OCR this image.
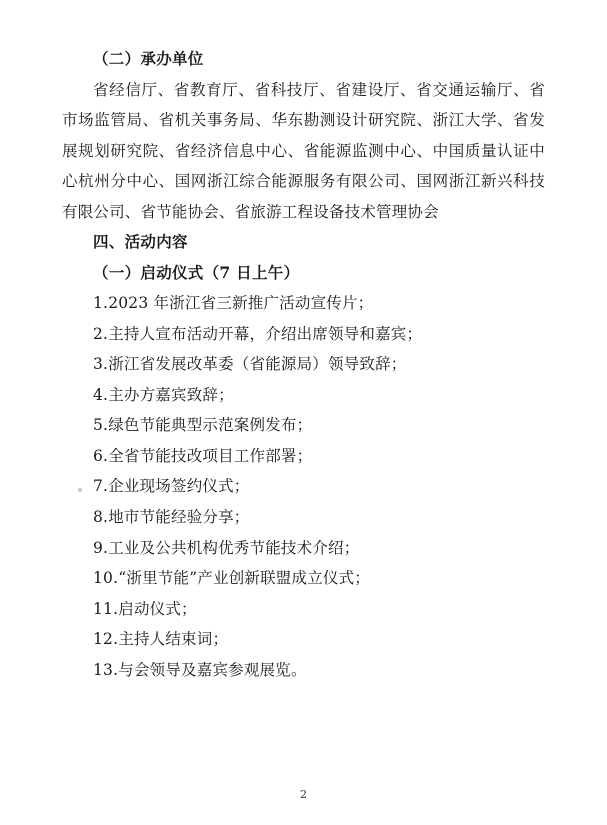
（二）承办单位

省经信厅、省教育厅、省科技厅、省建设厅、省交通运输厅、省市场监管局、省机关事务局、华东勘测设计研究院、浙江大学、省发展规划研究院、省经济信息中心、省能源监测中心、中国质量认证中心杭州分中心、国网浙江综合能源服务有限公司、国网浙江新兴科技有限公司、省节能协会、省旅游工程设备技术管理协会

四、活动内容

（一）启动仪式（7 日上午）

1.2023 年浙江省三新推广活动宣传片；

2.主持人宣布活动开幕，介绍出席领导和嘉宾；

3.浙江省发展改革委（省能源局）领导致辞；

4.主办方嘉宾致辞；

5.绿色节能典型示范案例发布；

6.全省节能技改项目工作部署；

7.企业现场签约仪式；

8.地市节能经验分享；

9.工业及公共机构优秀节能技术介绍；

10.“浙里节能”产业创新联盟成立仪式；

11.启动仪式；

12.主持人结束词；

13.与会领导及嘉宾参观展览。

2
